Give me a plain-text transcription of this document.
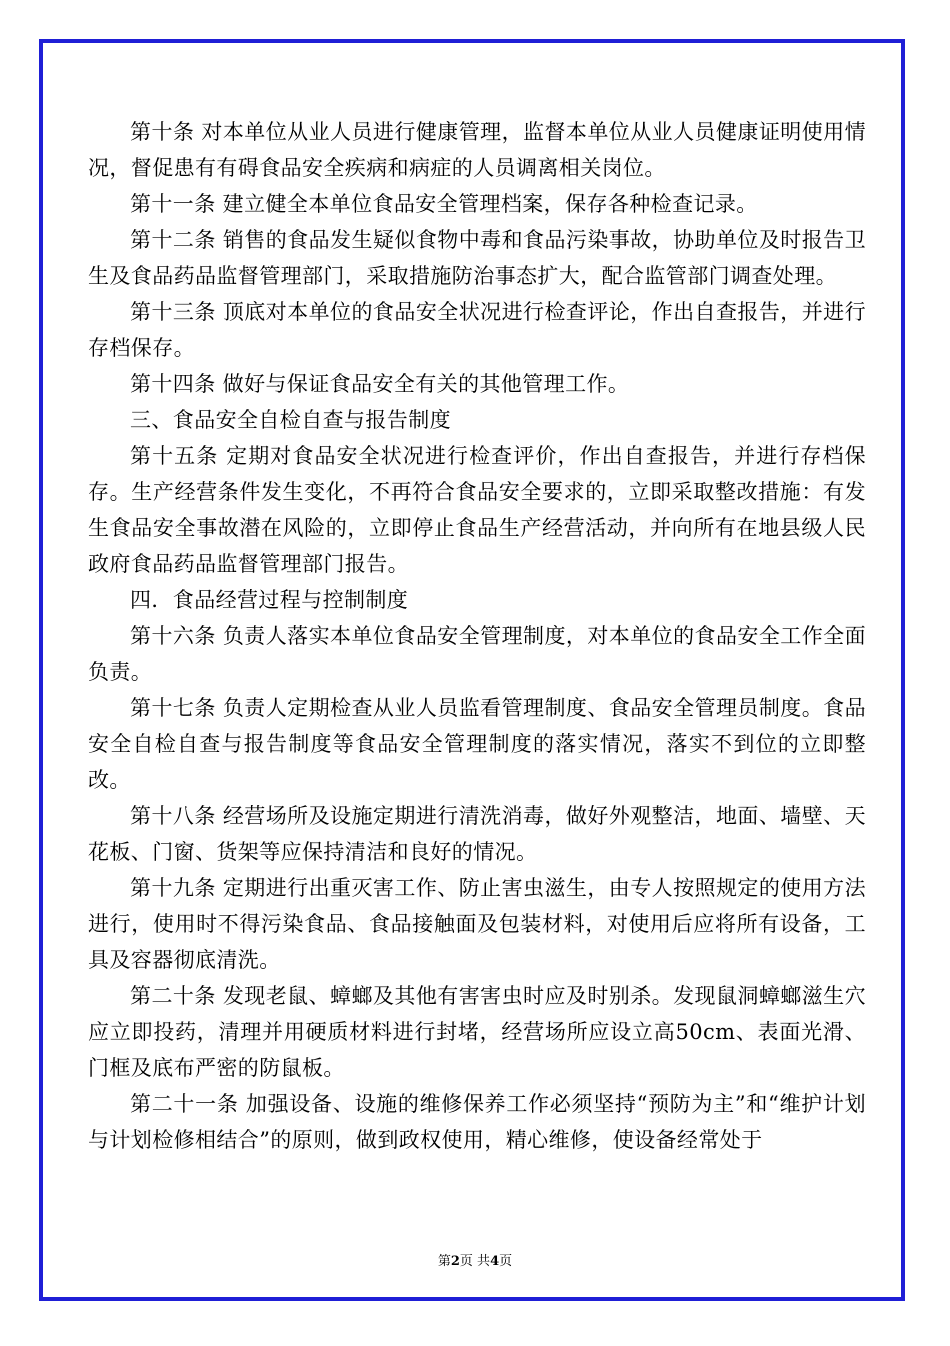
第十条 对本单位从业人员进行健康管理，监督本单位从业人员健康证明使用情况，督促患有有碍食品安全疾病和病症的人员调离相关岗位。

第十一条 建立健全本单位食品安全管理档案，保存各种检查记录。

第十二条 销售的食品发生疑似食物中毒和食品污染事故，协助单位及时报告卫生及食品药品监督管理部门，采取措施防治事态扩大，配合监管部门调查处理。

第十三条 顶底对本单位的食品安全状况进行检查评论，作出自查报告，并进行存档保存。

第十四条 做好与保证食品安全有关的其他管理工作。

三、食品安全自检自查与报告制度

第十五条 定期对食品安全状况进行检查评价，作出自查报告，并进行存档保存。生产经营条件发生变化，不再符合食品安全要求的，立即采取整改措施：有发生食品安全事故潜在风险的，立即停止食品生产经营活动，并向所有在地县级人民政府食品药品监督管理部门报告。

四．食品经营过程与控制制度

第十六条 负责人落实本单位食品安全管理制度，对本单位的食品安全工作全面负责。

第十七条 负责人定期检查从业人员监看管理制度、食品安全管理员制度。食品安全自检自查与报告制度等食品安全管理制度的落实情况，落实不到位的立即整改。

第十八条 经营场所及设施定期进行清洗消毒，做好外观整洁，地面、墙壁、天花板、门窗、货架等应保持清洁和良好的情况。

第十九条 定期进行出重灭害工作、防止害虫滋生，由专人按照规定的使用方法进行，使用时不得污染食品、食品接触面及包装材料，对使用后应将所有设备，工具及容器彻底清洗。

第二十条 发现老鼠、蟑螂及其他有害害虫时应及时别杀。发现鼠洞蟑螂滋生穴应立即投药，清理并用硬质材料进行封堵，经营场所应设立高50cm、表面光滑、门框及底布严密的防鼠板。

第二十一条 加强设备、设施的维修保养工作必须坚持“预防为主”和“维护计划与计划检修相结合”的原则，做到政权使用，精心维修，使设备经常处于

第2页 共4页
